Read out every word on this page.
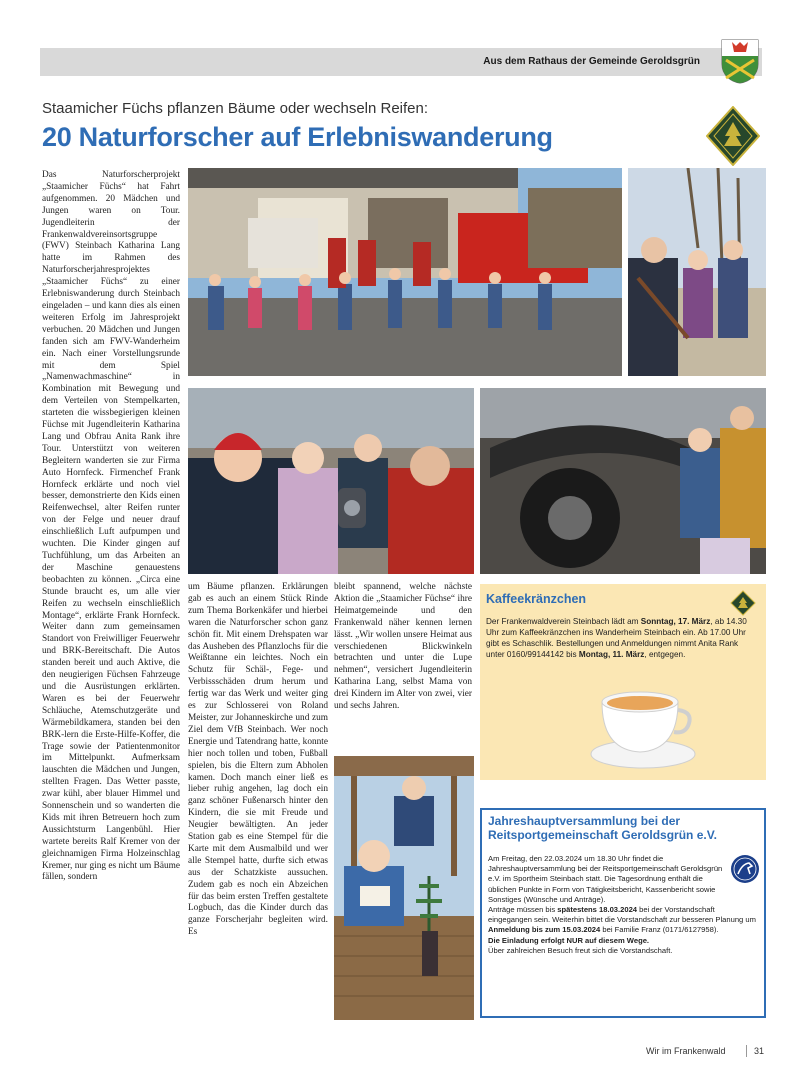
Aus dem Rathaus der Gemeinde Geroldsgrün
Staamicher Füchs pflanzen Bäume oder wechseln Reifen:
20 Naturforscher auf Erlebniswanderung
Das Naturforscherprojekt „Staamicher Füchs“ hat Fahrt aufgenommen. 20 Mädchen und Jungen waren on Tour. Jugendleiterin der Frankenwaldvereinsortsgruppe (FWV) Steinbach Katharina Lang hatte im Rahmen des Naturforscherjahresprojektes „Staamicher Füchs“ zu einer Erlebniswanderung durch Steinbach eingeladen – und kann dies als einen weiteren Erfolg im Jahresprojekt verbuchen. 20 Mädchen und Jungen fanden sich am FWV-Wanderheim ein. Nach einer Vorstellungsrunde mit dem Spiel „Namenwachmaschine“ in Kombination mit Bewegung und dem Verteilen von Stempelkarten, starteten die wissbegierigen kleinen Füchse mit Jugendleiterin Katharina Lang und Obfrau Anita Rank ihre Tour. Unterstützt von weiteren Begleitern wanderten sie zur Firma Auto Hornfeck. Firmenchef Frank Hornfeck erklärte und noch viel besser, demonstrierte den Kids einen Reifenwechsel, alter Reifen runter von der Felge und neuer drauf einschließlich Luft aufpumpen und wuchten. Die Kinder gingen auf Tuchfühlung, um das Arbeiten an der Maschine genauestens beobachten zu können. „Circa eine Stunde braucht es, um alle vier Reifen zu wechseln einschließlich Montage“, erklärte Frank Hornfeck. Weiter dann zum gemeinsamen Standort von Freiwilliger Feuerwehr und BRK-Bereitschaft. Die Autos standen bereit und auch Aktive, die den neugierigen Füchsen Fahrzeuge und die Ausrüstungen erklärten. Waren es bei der Feuerwehr Schläuche, Atemschutzgeräte und Wärmebildkamera, standen bei den BRK-lern die Erste-Hilfe-Koffer, die Trage sowie der Patientenmonitor im Mittelpunkt. Aufmerksam lauschten die Mädchen und Jungen, stellten Fragen. Das Wetter passte, zwar kühl, aber blauer Himmel und Sonnenschein und so wanderten die Kids mit ihren Betreuern hoch zum Aussichtsturm Langenbühl. Hier wartete bereits Ralf Kremer von der gleichnamigen Firma Holzeinschlag Kremer, nur ging es nicht um Bäume fällen, sondern
um Bäume pflanzen. Erklärungen gab es auch an einem Stück Rinde zum Thema Borkenkäfer und hierbei waren die Naturforscher schon ganz schön fit. Mit einem Drehspaten war das Ausheben des Pflanzlochs für die Weißtanne ein leichtes. Noch ein Schutz für Schäl-, Fege- und Verbissschäden drum herum und fertig war das Werk und weiter ging es zur Schlosserei von Roland Meister, zur Johanneskirche und zum Ziel dem VfB Steinbach. Wer noch Energie und Tatendrang hatte, konnte hier noch tollen und toben, Fußball spielen, bis die Eltern zum Abholen kamen. Doch manch einer ließ es lieber ruhig angehen, lag doch ein ganz schöner Fußenarsch hinter den Kindern, die sie mit Freude und Neugier bewältigten. An jeder Station gab es eine Stempel für die Karte mit dem Ausmalbild und wer alle Stempel hatte, durfte sich etwas aus der Schatzkiste aussuchen. Zudem gab es noch ein Abzeichen für das beim ersten Treffen gestaltete Logbuch, das die Kinder durch das ganze Forscherjahr begleiten wird. Es
bleibt spannend, welche nächste Aktion die „Staamicher Füchse“ ihre Heimatgemeinde und den Frankenwald näher kennen lernen lässt. „Wir wollen unsere Heimat aus verschiedenen Blickwinkeln betrachten und unter die Lupe nehmen“, versichert Jugendleiterin Katharina Lang, selbst Mama von drei Kindern im Alter von zwei, vier und sechs Jahren.
Kaffeekränzchen
Der Frankenwaldverein Steinbach lädt am Sonntag, 17. März, ab 14.30 Uhr zum Kaffeekränzchen ins Wanderheim Steinbach ein. Ab 17.00 Uhr gibt es Schaschlik. Bestellungen und Anmeldungen nimmt Anita Rank unter 0160/99144142 bis Montag, 11. März, entgegen.
Jahreshauptversammlung bei der Reitsportgemeinschaft Geroldsgrün e.V.

Am Freitag, den 22.03.2024 um 18.30 Uhr findet die Jahreshauptversammlung bei der Reitsportgemeinschaft Geroldsgrün e.V. im Sportheim Steinbach statt. Die Tagesordnung enthält die üblichen Punkte in Form von Tätigkeitsbericht, Kassenbericht sowie Sonstiges (Wünsche und Anträge).

Anträge müssen bis spätestens 18.03.2024 bei der Vorstandschaft eingegangen sein. Weiterhin bittet die Vorstandschaft zur besseren Planung um Anmeldung bis zum 15.03.2024 bei Familie Franz (0171/6127958).

Die Einladung erfolgt NUR auf diesem Wege.

Über zahlreichen Besuch freut sich die Vorstandschaft.

Wir im Frankenwald	31
